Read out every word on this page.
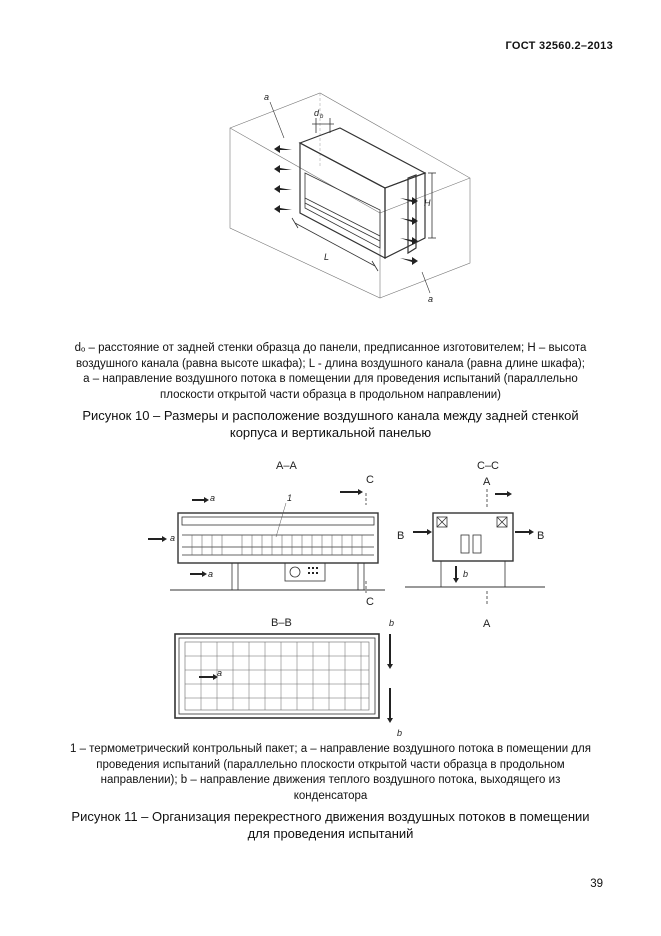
ГОСТ 32560.2–2013
a
a
d b
H
L
dₒ – расстояние от задней стенки образца до панели, предписанное изготовителем; H – высота
воздушного канала (равна высоте шкафа); L - длина воздушного канала (равна длине шкафа);
a – направление воздушного потока в помещении для проведения испытаний (параллельно
плоскости открытой части образца в продольном направлении)
Рисунок 10 – Размеры и расположение воздушного канала между задней стенкой
корпуса и вертикальной панелью
A–A
C
C
a
a
a
1
C–C
A
A
B	B
b
B–B	b
b
a
1 – термометрический контрольный пакет; a – направление воздушного потока в помещении для
проведения испытаний (параллельно плоскости открытой части образца в продольном
направлении); b – направление движения теплого воздушного потока, выходящего из
конденсатора
Рисунок 11 – Организация перекрестного движения воздушных потоков в помещении
для проведения испытаний
39
